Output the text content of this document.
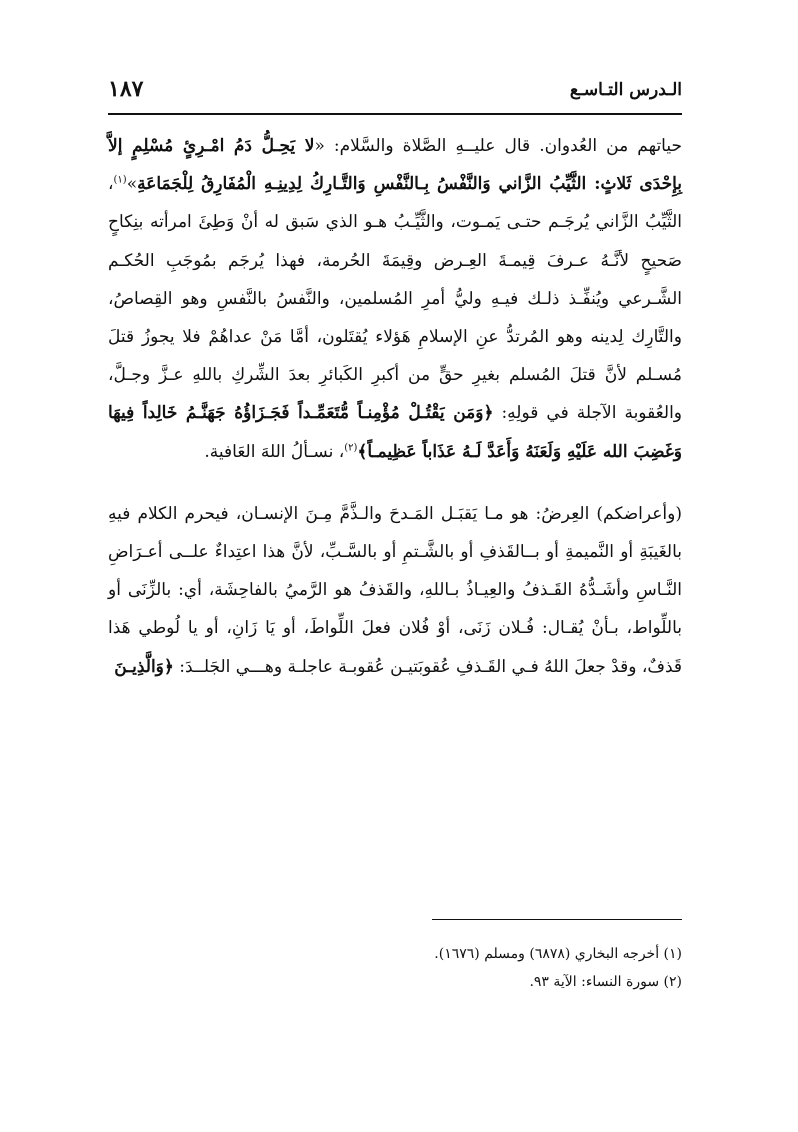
الـدرس التـاسـع
١٨٧

حياتهم من العُدوان. قال عليــهِ الصَّلاة والسَّلام: «لا يَحِـلُّ دَمُ امْـرِئٍ مُسْلِمٍ إلاَّ بِإِحْدَى ثَلاثٍ: الثَّيِّبُ الزَّاني وَالنَّفْسُ بِـالنَّفْسِ وَالتَّـارِكُ لِدِينِـهِ الْمُفَارِقُ لِلْجَمَاعَةِ»$^{(١)}$، الثَّيِّبُ الزَّاني يُرجَـم حتـى يَمـوت، والثَّيِّـبُ هـو الذي سَبق له أنْ وَطِئَ امرأته بنِكاحٍ صَحيحٍ لأنَّـهُ عـرفَ قِيمـةَ العِـرض وقِيمَةَ الحُرمة، فهذا يُرجَم بمُوجَبِ الحُكـم الشَّـرعي ويُنفِّـذ ذلـك فيـهِ وليُّ أمرِ المُسلمين، والنَّفسُ بالنَّفسِ وهو القِصاصُ، والتَّارِك لِدينه وهو المُرتدُّ عنِ الإسلامِ هَؤلاء يُقتَلون، أمَّا مَنْ عداهُمْ فلا يجوزُ قتلَ مُسـلم لأنَّ قتلَ المُسلم بغيرِ حقٍّ من أكبرِ الكَبائرِ بعدَ الشِّركِ باللهِ عـزَّ وجـلَّ، والعُقوبة الآجلة في قولِهِ: ﴿وَمَن يَقْتُـلْ مُؤْمِنـاً مُّتَعَمِّـداً فَجَـزَاؤُهُ جَهَنَّـمُ خَالِداً فِيهَا وَغَضِبَ الله عَلَيْهِ وَلَعَنَهُ وَأَعَدَّ لَـهُ عَذَاباً عَظِيمـاً﴾$^{(٢)}$، نسـألُ اللهَ العَافية.

(وأعراضكم) العِرضُ: هو مـا يَقبَـل المَـدحَ والـذَّمَّ مِـنَ الإنسـان، فيحرم الكلام فيهِ بالغَيبَةِ أو النَّميمةِ أو بــالقَذفِ أو بالشَّـتمِ أو بالسَّـبِّ، لأنَّ هذا اعتِداءٌ علــى أعـرَاضِ النَّـاسِ وأشَـدُّهُ القَـذفُ والعِيـاذُ بـاللهِ، والقَذفُ هو الرَّميُ بالفاحِشَة، أي: بالزِّنَى أو باللِّواط، بـأنْ يُقـال: فُـلان زَنَى، أوْ فُلان فعلَ اللِّواطَ، أو يَا زَانِ، أو يا لُوطي هَذا قَذفٌ، وقدْ جعلَ اللهُ فـي القَـذفِ عُقوبَتيـن عُقوبـة عاجلـة وهـــي الجَلــدَ: ﴿وَالَّذِيـنَ

(١) أخرجه البخاري (٦٨٧٨) ومسلم (١٦٧٦).

(٢) سورة النساء: الآية ٩٣.
